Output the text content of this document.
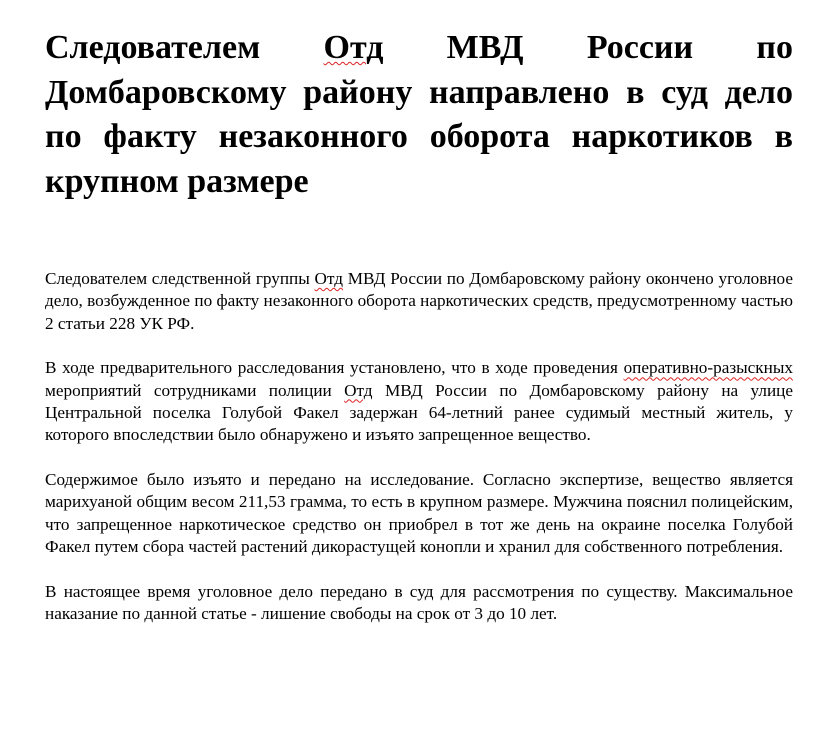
Следователем Отд МВД России по Домбаровскому району направлено в суд дело по факту незаконного оборота наркотиков в крупном размере

Следователем следственной группы Отд МВД России по Домбаровскому району окончено уголовное дело, возбужденное по факту незаконного оборота наркотических средств, предусмотренному частью 2 статьи 228 УК РФ.

В ходе предварительного расследования установлено, что в ходе проведения оперативно-разыскных мероприятий сотрудниками полиции Отд МВД России по Домбаровскому району на улице Центральной поселка Голубой Факел задержан 64-летний ранее судимый местный житель, у которого впоследствии было обнаружено и изъято запрещенное вещество.

Содержимое было изъято и передано на исследование. Согласно экспертизе, вещество является марихуаной общим весом 211,53 грамма, то есть в крупном размере. Мужчина пояснил полицейским, что запрещенное наркотическое средство он приобрел в тот же день на окраине поселка Голубой Факел путем сбора частей растений дикорастущей конопли и хранил для собственного потребления.

В настоящее время уголовное дело передано в суд для рассмотрения по существу. Максимальное наказание по данной статье - лишение свободы на срок от 3 до 10 лет.
